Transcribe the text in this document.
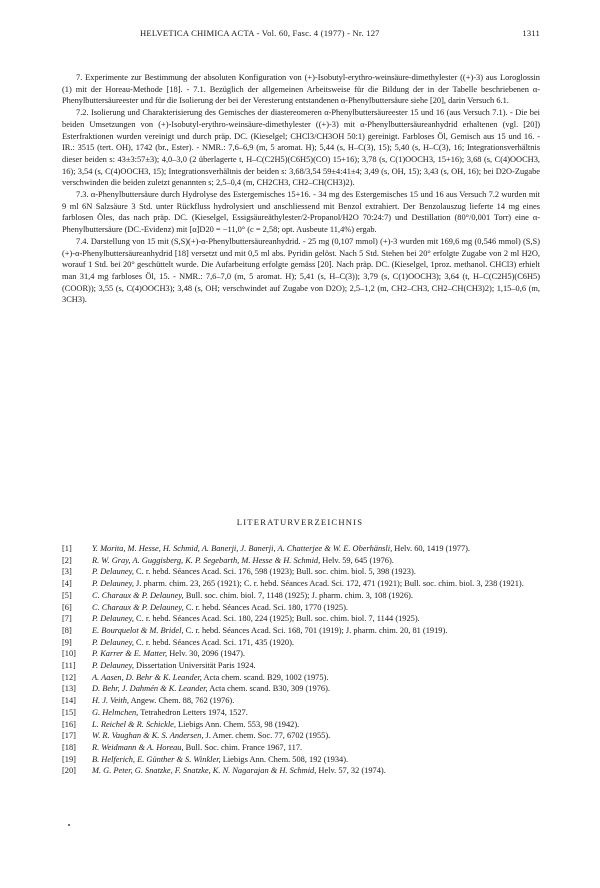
HELVETICA CHIMICA ACTA - Vol. 60, Fasc. 4 (1977) - Nr. 127	1311

7. Experimente zur Bestimmung der absoluten Konfiguration von (+)-Isobutyl-erythro-weinsäure-dimethylester ((+)-3) aus Loroglossin (1) mit der Horeau-Methode [18]. - 7.1. Bezüglich der allgemeinen Arbeitsweise für die Bildung der in der Tabelle beschriebenen α-Phenylbuttersäureester und für die Isolierung der bei der Veresterung entstandenen α-Phenylbuttersäure siehe [20], darin Versuch 6.1.

7.2. Isolierung und Charakterisierung des Gemisches der diastereomeren α-Phenylbuttersäureester 15 und 16 (aus Versuch 7.1). - Die bei beiden Umsetzungen von (+)-Isobutyl-erythro-weinsäure-dimethylester ((+)-3) mit α-Phenylbuttersäureanhydrid erhaltenen (vgl. [20]) Esterfraktionen wurden vereinigt und durch präp. DC. (Kieselgel; CHCl3/CH3OH 50:1) gereinigt. Farbloses Öl, Gemisch aus 15 und 16. - IR.: 3515 (tert. OH), 1742 (br., Ester). - NMR.: 7,6–6,9 (m, 5 aromat. H); 5,44 (s, H–C(3), 15); 5,40 (s, H–C(3), 16; Integrationsverhältnis dieser beiden s: 43±3:57±3); 4,0–3,0 (2 überlagerte t, H–C(C2H5)(C6H5)(CO) 15+16); 3,78 (s, C(1)OOCH3, 15+16); 3,68 (s, C(4)OOCH3, 16); 3,54 (s, C(4)OOCH3, 15); Integrationsverhältnis der beiden s: 3,68/3,54 59±4:41±4; 3,49 (s, OH, 15); 3,43 (s, OH, 16); bei D2O-Zugabe verschwinden die beiden zuletzt genannten s; 2,5–0,4 (m, CH2CH3, CH2–CH(CH3)2).

7.3. α-Phenylbuttersäure durch Hydrolyse des Estergemisches 15+16. - 34 mg des Estergemisches 15 und 16 aus Versuch 7.2 wurden mit 9 ml 6N Salzsäure 3 Std. unter Rückfluss hydrolysiert und anschliessend mit Benzol extrahiert. Der Benzolauszug lieferte 14 mg eines farblosen Öles, das nach präp. DC. (Kieselgel, Essigsäureäthylester/2-Propanol/H2O 70:24:7) und Destillation (80°/0,001 Torr) eine α-Phenylbuttersäure (DC.-Evidenz) mit [α]D20 = −11,0° (c = 2,58; opt. Ausbeute 11,4%) ergab.

7.4. Darstellung von 15 mit (S,S)(+)-α-Phenylbuttersäureanhydrid. - 25 mg (0,107 mmol) (+)-3 wurden mit 169,6 mg (0,546 mmol) (S,S)(+)-α-Phenylbuttersäureanhydrid [18] versetzt und mit 0,5 ml abs. Pyridin gelöst. Nach 5 Std. Stehen bei 20° erfolgte Zugabe von 2 ml H2O, worauf 1 Std. bei 20° geschüttelt wurde. Die Aufarbeitung erfolgte gemäss [20]. Nach präp. DC. (Kieselgel, 1proz. methanol. CHCl3) erhielt man 31,4 mg farbloses Öl, 15. - NMR.: 7,6–7,0 (m, 5 aromat. H); 5,41 (s, H–C(3)); 3,79 (s, C(1)OOCH3); 3,64 (t, H–C(C2H5)(C6H5)(COOR)); 3,55 (s, C(4)OOCH3); 3,48 (s, OH; verschwindet auf Zugabe von D2O); 2,5–1,2 (m, CH2–CH3, CH2–CH(CH3)2); 1,15–0,6 (m, 3CH3).

LITERATURVERZEICHNIS
[1]	Y. Morita, M. Hesse, H. Schmid, A. Banerji, J. Banerji, A. Chatterjee & W. E. Oberhänsli, Helv. 60, 1419 (1977).
[2]	R. W. Gray, A. Guggisberg, K. P. Segebarth, M. Hesse & H. Schmid, Helv. 59, 645 (1976).
[3]	P. Delauney, C. r. hebd. Séances Acad. Sci. 176, 598 (1923); Bull. soc. chim. biol. 5, 398 (1923).
[4]	P. Delauney, J. pharm. chim. 23, 265 (1921); C. r. hebd. Séances Acad. Sci. 172, 471 (1921); Bull. soc. chim. biol. 3, 238 (1921).
[5]	C. Charaux & P. Delauney, Bull. soc. chim. biol. 7, 1148 (1925); J. pharm. chim. 3, 108 (1926).
[6]	C. Charaux & P. Delauney, C. r. hebd. Séances Acad. Sci. 180, 1770 (1925).
[7]	P. Delauney, C. r. hebd. Séances Acad. Sci. 180, 224 (1925); Bull. soc. chim. biol. 7, 1144 (1925).
[8]	E. Bourquelot & M. Bridel, C. r. hebd. Séances Acad. Sci. 168, 701 (1919); J. pharm. chim. 20, 81 (1919).
[9]	P. Delauney, C. r. hebd. Séances Acad. Sci. 171, 435 (1920).
[10]	P. Karrer & E. Matter, Helv. 30, 2096 (1947).
[11]	P. Delauney, Dissertation Universität Paris 1924.
[12]	A. Aasen, D. Behr & K. Leander, Acta chem. scand. B29, 1002 (1975).
[13]	D. Behr, J. Dahmén & K. Leander, Acta chem. scand. B30, 309 (1976).
[14]	H. J. Veith, Angew. Chem. 88, 762 (1976).
[15]	G. Helmchen, Tetrahedron Letters 1974, 1527.
[16]	L. Reichel & R. Schickle, Liebigs Ann. Chem. 553, 98 (1942).
[17]	W. R. Vaughan & K. S. Andersen, J. Amer. chem. Soc. 77, 6702 (1955).
[18]	R. Weidmann & A. Horeau, Bull. Soc. chim. France 1967, 117.
[19]	B. Helferich, E. Günther & S. Winkler, Liebigs Ann. Chem. 508, 192 (1934).
[20]	M. G. Peter, G. Snatzke, F. Snatzke, K. N. Nagarajan & H. Schmid, Helv. 57, 32 (1974).
